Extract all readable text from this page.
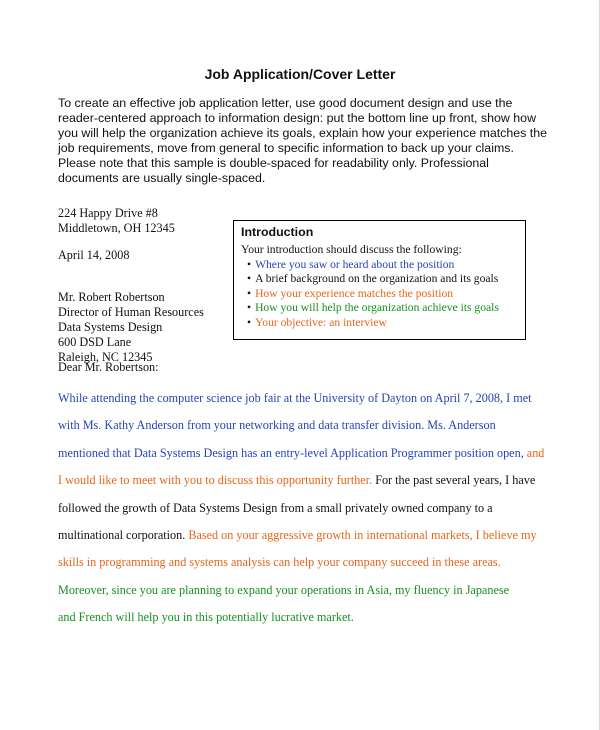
Job Application/Cover Letter
To create an effective job application letter, use good document design and use the
reader-centered approach to information design: put the bottom line up front, show how
you will help the organization achieve its goals, explain how your experience matches the
job requirements, move from general to specific information to back up your claims.
Please note that this sample is double-spaced for readability only. Professional
documents are usually single-spaced.
224 Happy Drive #8
Middletown, OH 12345
April 14, 2008
Mr. Robert Robertson
Director of Human Resources
Data Systems Design
600 DSD Lane
Raleigh, NC 12345
Introduction
Your introduction should discuss the following:
• Where you saw or heard about the position
• A brief background on the organization and its goals
• How your experience matches the position
• How you will help the organization achieve its goals
• Your objective: an interview
Dear Mr. Robertson:
While attending the computer science job fair at the University of Dayton on April 7, 2008, I met
with Ms. Kathy Anderson from your networking and data transfer division. Ms. Anderson
mentioned that Data Systems Design has an entry-level Application Programmer position open, and
I would like to meet with you to discuss this opportunity further. For the past several years, I have
followed the growth of Data Systems Design from a small privately owned company to a
multinational corporation. Based on your aggressive growth in international markets, I believe my
skills in programming and systems analysis can help your company succeed in these areas.
Moreover, since you are planning to expand your operations in Asia, my fluency in Japanese
and French will help you in this potentially lucrative market.
